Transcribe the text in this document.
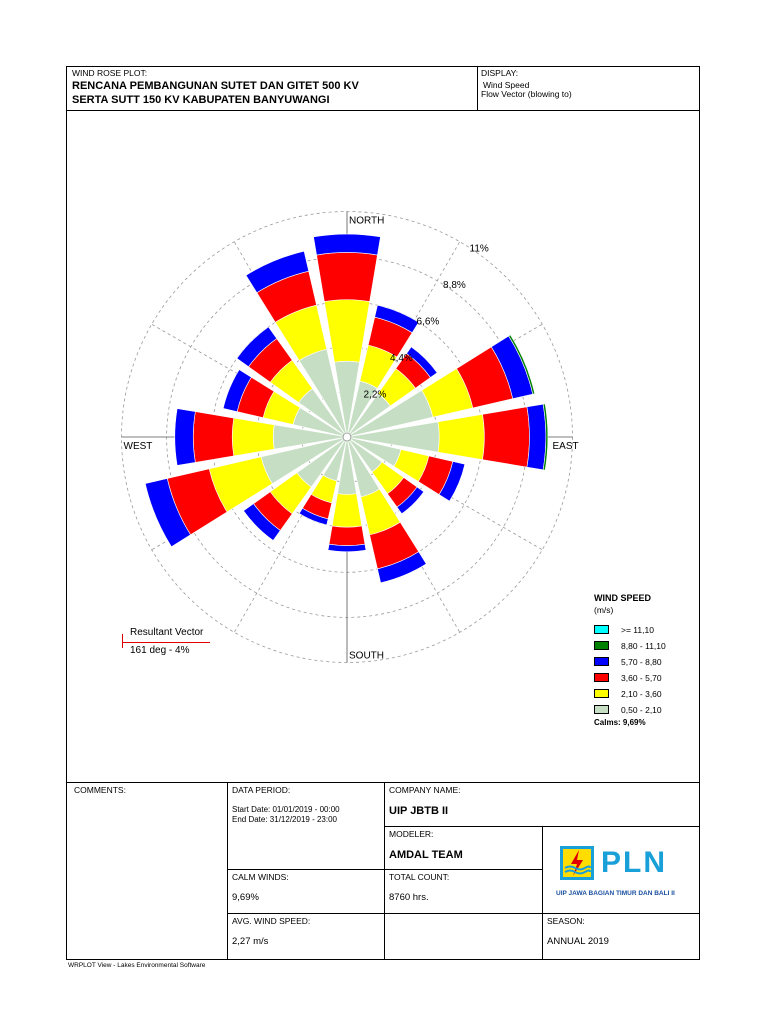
WIND ROSE PLOT:
RENCANA PEMBANGUNAN SUTET DAN GITET 500 KV
SERTA SUTT 150 KV KABUPATEN BANYUWANGI
DISPLAY:
Wind Speed
Flow Vector (blowing to)
2,2%
4,4%
6,6%
8,8%
11%
NORTH
SOUTH
EAST
WEST
Resultant Vector
161 deg - 4%
WIND SPEED
(m/s)
>= 11,10
8,80 - 11,10
5,70 - 8,80
3,60 - 5,70
2,10 - 3,60
0,50 - 2,10
Calms: 9,69%
COMMENTS:	DATA PERIOD:
Start Date: 01/01/2019 - 00:00
End Date: 31/12/2019 - 23:00
COMPANY NAME:
UIP JBTB II
MODELER:
AMDAL TEAM
CALM WINDS:
9,69%
TOTAL COUNT:
8760 hrs.
AVG. WIND SPEED:
2,27 m/s
SEASON:
ANNUAL 2019
PLN
UIP JAWA BAGIAN TIMUR DAN BALI II
WRPLOT View - Lakes Environmental Software
